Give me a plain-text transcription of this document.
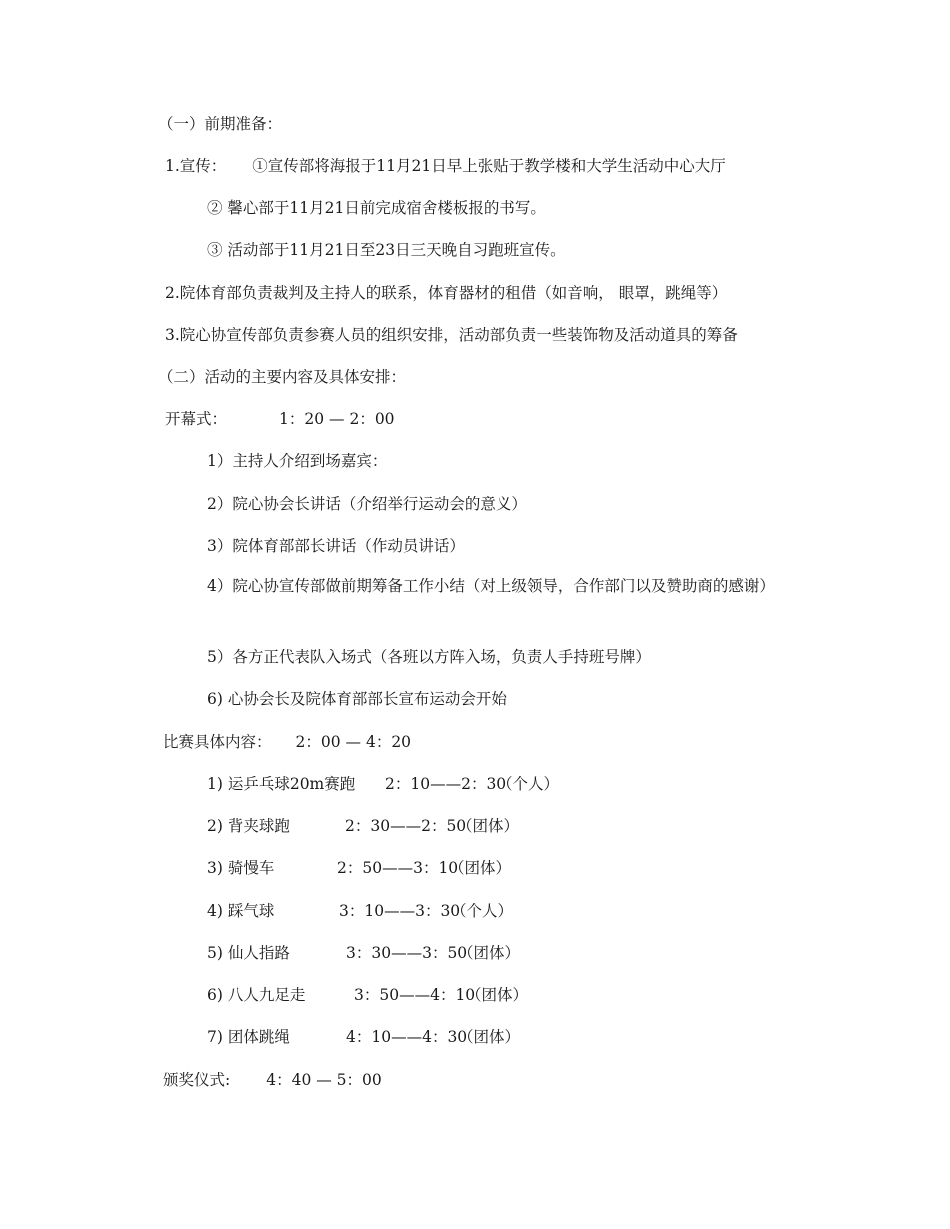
（一）前期准备：
1.宣传： ①宣传部将海报于11月21日早上张贴于教学楼和大学生活动中心大厅
② 馨心部于11月21日前完成宿舍楼板报的书写。
③ 活动部于11月21日至23日三天晚自习跑班宣传。
2.院体育部负责裁判及主持人的联系，体育器材的租借（如音响， 眼罩，跳绳等）
3.院心协宣传部负责参赛人员的组织安排，活动部负责一些装饰物及活动道具的筹备
（二）活动的主要内容及具体安排：
开幕式：	1：20 — 2：00
1）主持人介绍到场嘉宾：
2）院心协会长讲话（介绍举行运动会的意义）
3）院体育部部长讲话（作动员讲话）
4）院心协宣传部做前期筹备工作小结（对上级领导，合作部门以及赞助商的感谢）
5）各方正代表队入场式（各班以方阵入场，负责人手持班号牌）
6) 心协会长及院体育部部长宣布运动会开始
比赛具体内容： 2：00 — 4：20
1) 运乒乓球20m赛跑 2：10——2：30（个人）
2) 背夹球跑	2：30——2：50（团体）
3) 骑慢车	2：50——3：10（团体）
4) 踩气球	3：10——3：30（个人）
5) 仙人指路	3：30——3：50（团体）
6) 八人九足走	3：50——4：10（团体）
7) 团体跳绳	4：10——4：30（团体）
颁奖仪式: 4：40 — 5：00
